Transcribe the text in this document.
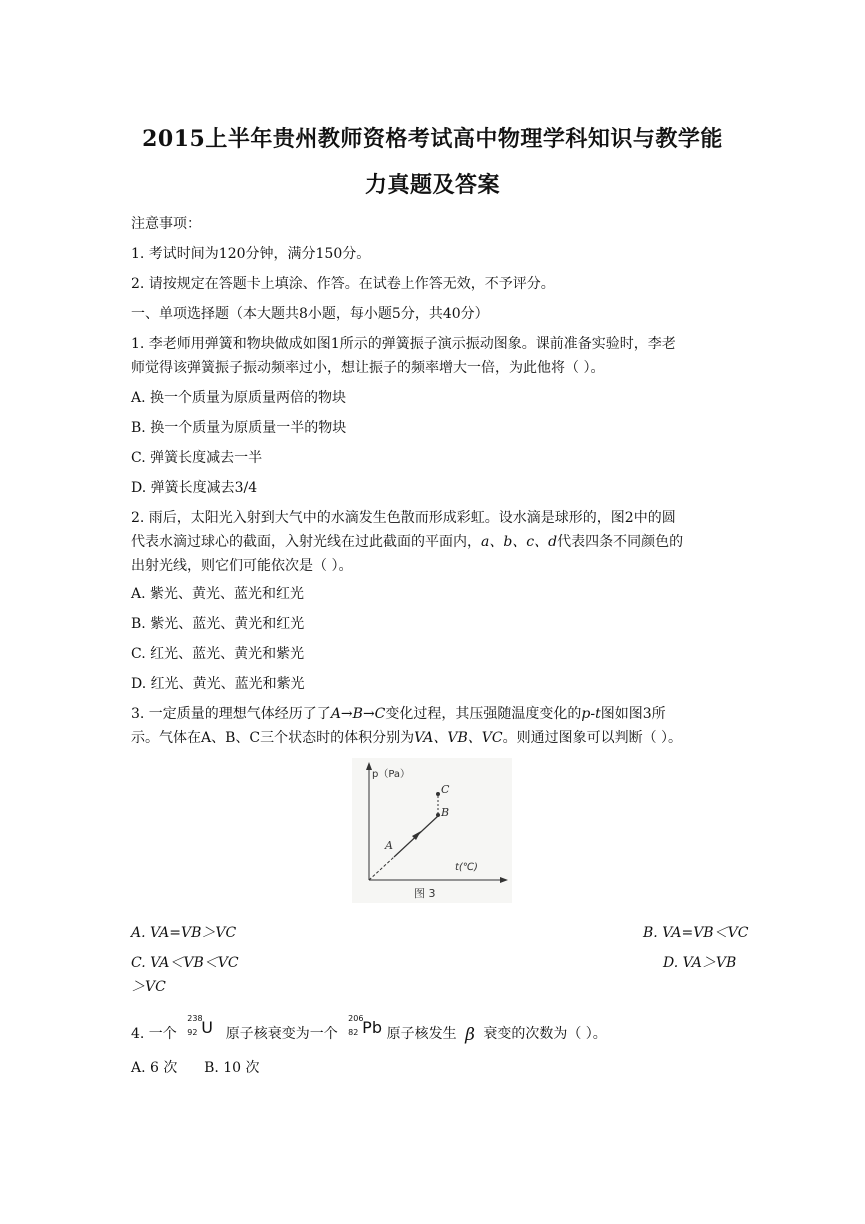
2015上半年贵州教师资格考试高中物理学科知识与教学能
力真题及答案
注意事项：
1. 考试时间为120分钟，满分150分。
2. 请按规定在答题卡上填涂、作答。在试卷上作答无效，不予评分。
一、单项选择题（本大题共8小题，每小题5分，共40分）
1. 李老师用弹簧和物块做成如图1所示的弹簧振子演示振动图象。课前准备实验时，李老
师觉得该弹簧振子振动频率过小，想让振子的频率增大一倍，为此他将（ ）。
A. 换一个质量为原质量两倍的物块
B. 换一个质量为原质量一半的物块
C. 弹簧长度减去一半
D. 弹簧长度减去3/4
2. 雨后，太阳光入射到大气中的水滴发生色散而形成彩虹。设水滴是球形的，图2中的圆
代表水滴过球心的截面，入射光线在过此截面的平面内，a、b、c、d代表四条不同颜色的
出射光线，则它们可能依次是（ ）。
A. 紫光、黄光、蓝光和红光
B. 紫光、蓝光、黄光和红光
C. 红光、蓝光、黄光和紫光
D. 红光、黄光、蓝光和紫光
3. 一定质量的理想气体经历了了A→B→C变化过程，其压强随温度变化的p-t图如图3所
示。气体在A、B、C三个状态时的体积分别为VA、VB、VC。则通过图象可以判断（ ）。
p（Pa）
t(℃)
A
B
C
图 3
A. VA=VB＞VC	B. VA=VB＜VC
C. VA＜VB＜VC	D. VA＞VB
＞VC
4. 一个
238
92 U 原子核衰变为一个
206
82 Pb 原子核发生 β 衰变的次数为（ ）。
A. 6 次      B. 10 次
